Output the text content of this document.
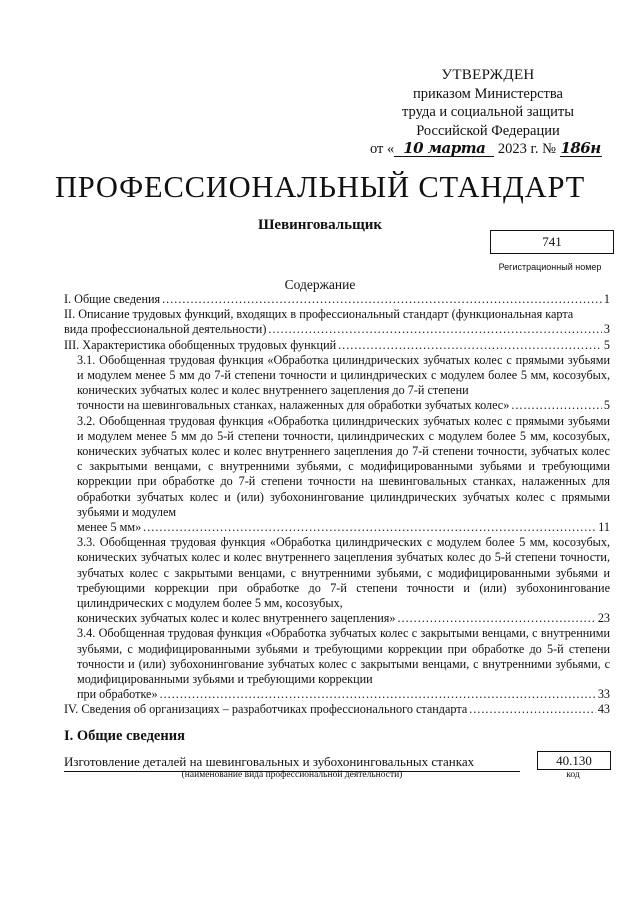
УТВЕРЖДЕН
приказом Министерства
труда и социальной защиты
Российской Федерации
от « 10 марта 2023 г. № 186н
ПРОФЕССИОНАЛЬНЫЙ СТАНДАРТ
Шевинговальщик
741
Регистрационный номер
Содержание
I. Общие сведения .....	1
II. Описание трудовых функций, входящих в профессиональный стандарт (функциональная карта
вида профессиональной деятельности) .....	3
III. Характеристика обобщенных трудовых функций .....	5
3.1. Обобщенная трудовая функция «Обработка цилиндрических зубчатых колес с прямыми зубьями и модулем менее 5 мм до 7-й степени точности и цилиндрических с модулем более 5 мм, косозубых, конических зубчатых колес и колес внутреннего зацепления до 7-й степени
точности на шевинговальных станках, налаженных для обработки зубчатых колес» .....	5
3.2. Обобщенная трудовая функция «Обработка цилиндрических зубчатых колес с прямыми зубьями и модулем менее 5 мм до 5-й степени точности, цилиндрических с модулем более 5 мм, косозубых, конических зубчатых колес и колес внутреннего зацепления до 7-й степени точности, зубчатых колес с закрытыми венцами, с внутренними зубьями, с модифицированными зубьями и требующими коррекции при обработке до 7-й степени точности на шевинговальных станках, налаженных для обработки зубчатых колес и (или) зубохонингование цилиндрических зубчатых колес с прямыми зубьями и модулем
менее 5 мм» .....	11
3.3. Обобщенная трудовая функция «Обработка цилиндрических с модулем более 5 мм, косозубых, конических зубчатых колес и колес внутреннего зацепления зубчатых колес до 5-й степени точности, зубчатых колес с закрытыми венцами, с внутренними зубьями, с модифицированными зубьями и требующими коррекции при обработке до 7-й степени точности и (или) зубохонингование цилиндрических с модулем более 5 мм, косозубых,
конических зубчатых колес и колес внутреннего зацепления» .....	23
3.4. Обобщенная трудовая функция «Обработка зубчатых колес с закрытыми венцами, с внутренними зубьями, с модифицированными зубьями и требующими коррекции при обработке до 5-й степени точности и (или) зубохонингование зубчатых колес с закрытыми венцами, с внутренними зубьями, с модифицированными зубьями и требующими коррекции
при обработке» .....	33
IV. Сведения об организациях – разработчиках профессионального стандарта .....	43
I. Общие сведения
Изготовление деталей на шевинговальных и зубохонинговальных станках
(наименование вида профессиональной деятельности)
40.130
код
